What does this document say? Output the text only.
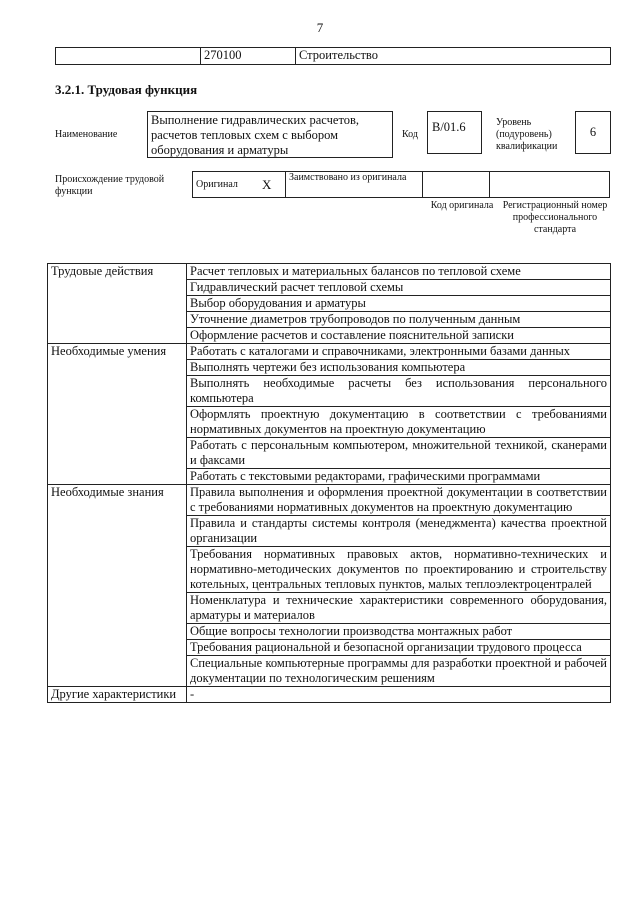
7
	270100	Строительство
3.2.1. Трудовая функция
Наименование
Выполнение гидравлических расчетов, расчетов тепловых схем с выбором оборудования и арматуры
Код
B/01.6	Уровень (подуровень) квалификации
6
Происхождение трудовой функции
Оригинал	X	Заимствовано из оригинала		
Код оригинала Регистрационный номер профессионального стандарта
Трудовые действия	Расчет тепловых и материальных балансов по тепловой схеме
	Гидравлический расчет тепловой схемы
	Выбор оборудования и арматуры
	Уточнение диаметров трубопроводов по полученным данным
	Оформление расчетов и составление пояснительной записки
Необходимые умения	Работать с каталогами и справочниками, электронными базами данных
	Выполнять чертежи без использования компьютера
	Выполнять необходимые расчеты без использования персонального компьютера
	Оформлять проектную документацию в соответствии с требованиями нормативных документов на проектную документацию
	Работать с персональным компьютером, множительной техникой, сканерами и факсами
	Работать с текстовыми редакторами, графическими программами
Необходимые знания	Правила выполнения и оформления проектной документации в соответствии с требованиями нормативных документов на проектную документацию
	Правила и стандарты системы контроля (менеджмента) качества проектной организации
	Требования нормативных правовых актов, нормативно-технических и нормативно-методических документов по проектированию и строительству котельных, центральных тепловых пунктов, малых теплоэлектроцентралей
	Номенклатура и технические характеристики современного оборудования, арматуры и материалов
	Общие вопросы технологии производства монтажных работ
	Требования рациональной и безопасной организации трудового процесса
	Специальные компьютерные программы для разработки проектной и рабочей документации по технологическим решениям
Другие характеристики	-
